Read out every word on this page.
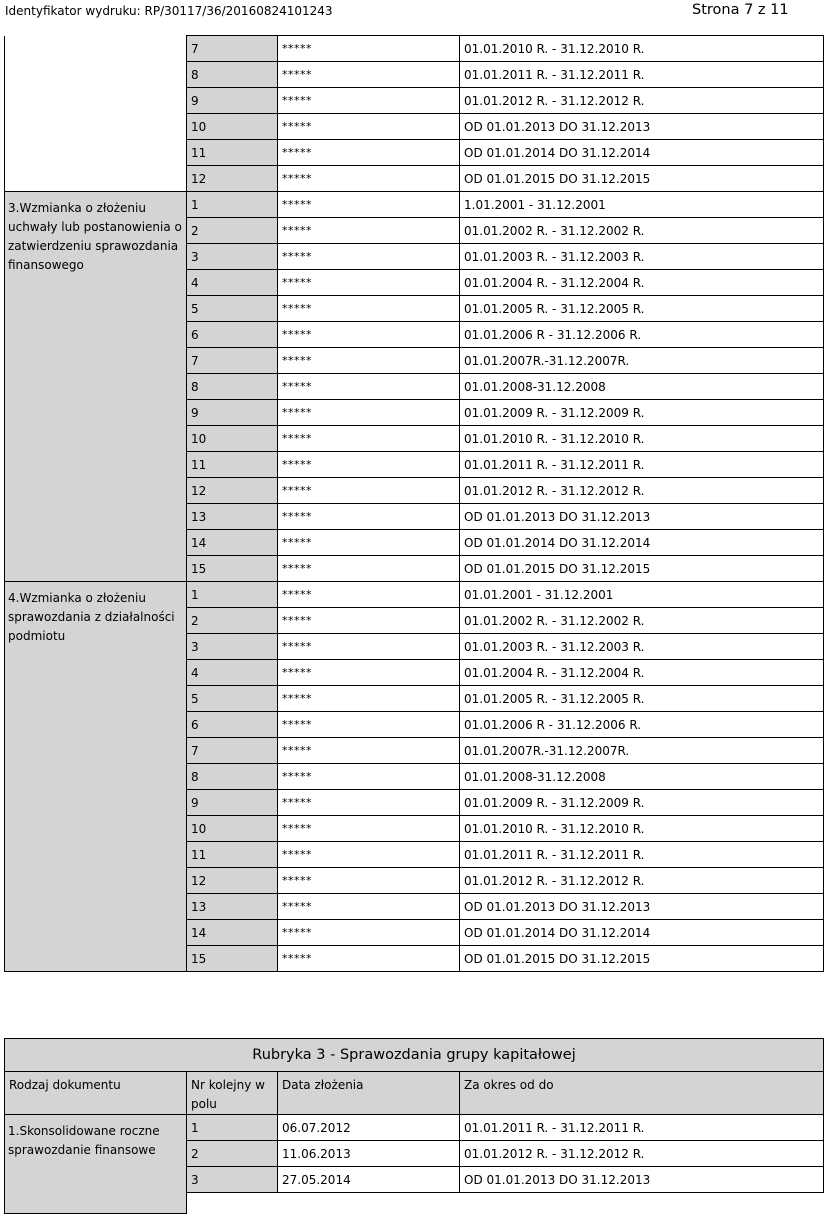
Identyfikator wydruku: RP/30117/36/20160824101243	Strona 7 z 11
	7	*****	01.01.2010 R. - 31.12.2010 R.
	8	*****	01.01.2011 R. - 31.12.2011 R.
	9	*****	01.01.2012 R. - 31.12.2012 R.
	10	*****	OD 01.01.2013 DO 31.12.2013
	11	*****	OD 01.01.2014 DO 31.12.2014
	12	*****	OD 01.01.2015 DO 31.12.2015
3.Wzmianka o złożeniu uchwały lub postanowienia o zatwierdzeniu sprawozdania finansowego	1	*****	1.01.2001 - 31.12.2001
	2	*****	01.01.2002 R. - 31.12.2002 R.
	3	*****	01.01.2003 R. - 31.12.2003 R.
	4	*****	01.01.2004 R. - 31.12.2004 R.
	5	*****	01.01.2005 R. - 31.12.2005 R.
	6	*****	01.01.2006 R - 31.12.2006 R.
	7	*****	01.01.2007R.-31.12.2007R.
	8	*****	01.01.2008-31.12.2008
	9	*****	01.01.2009 R. - 31.12.2009 R.
	10	*****	01.01.2010 R. - 31.12.2010 R.
	11	*****	01.01.2011 R. - 31.12.2011 R.
	12	*****	01.01.2012 R. - 31.12.2012 R.
	13	*****	OD 01.01.2013 DO 31.12.2013
	14	*****	OD 01.01.2014 DO 31.12.2014
	15	*****	OD 01.01.2015 DO 31.12.2015
4.Wzmianka o złożeniu sprawozdania z działalności podmiotu	1	*****	01.01.2001 - 31.12.2001
	2	*****	01.01.2002 R. - 31.12.2002 R.
	3	*****	01.01.2003 R. - 31.12.2003 R.
	4	*****	01.01.2004 R. - 31.12.2004 R.
	5	*****	01.01.2005 R. - 31.12.2005 R.
	6	*****	01.01.2006 R - 31.12.2006 R.
	7	*****	01.01.2007R.-31.12.2007R.
	8	*****	01.01.2008-31.12.2008
	9	*****	01.01.2009 R. - 31.12.2009 R.
	10	*****	01.01.2010 R. - 31.12.2010 R.
	11	*****	01.01.2011 R. - 31.12.2011 R.
	12	*****	01.01.2012 R. - 31.12.2012 R.
	13	*****	OD 01.01.2013 DO 31.12.2013
	14	*****	OD 01.01.2014 DO 31.12.2014
	15	*****	OD 01.01.2015 DO 31.12.2015
Rubryka 3 - Sprawozdania grupy kapitałowej			
Rodzaj dokumentu	Nr kolejny w polu	Data złożenia	Za okres od do
1.Skonsolidowane roczne sprawozdanie finansowe	1	06.07.2012	01.01.2011 R. - 31.12.2011 R.
	2	11.06.2013	01.01.2012 R. - 31.12.2012 R.
	3	27.05.2014	OD 01.01.2013 DO 31.12.2013
